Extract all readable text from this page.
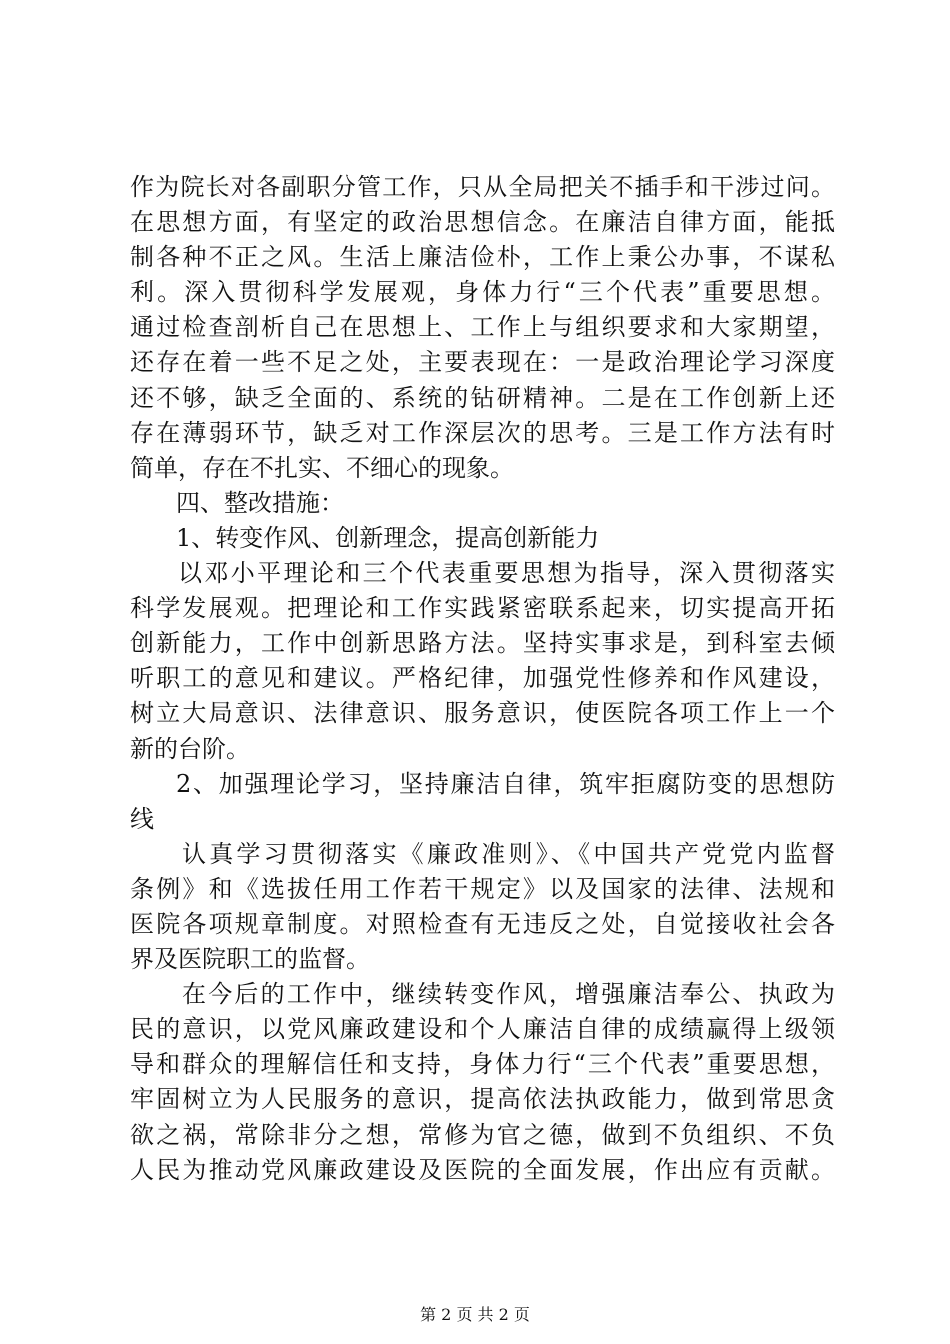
作为院长对各副职分管工作，只从全局把关不插手和干涉过问。
在思想方面，有坚定的政治思想信念。在廉洁自律方面，能抵
制各种不正之风。生活上廉洁俭朴，工作上秉公办事，不谋私
利。深入贯彻科学发展观，身体力行“三个代表”重要思想。
通过检查剖析自己在思想上、工作上与组织要求和大家期望，
还存在着一些不足之处，主要表现在：一是政治理论学习深度
还不够，缺乏全面的、系统的钻研精神。二是在工作创新上还
存在薄弱环节，缺乏对工作深层次的思考。三是工作方法有时
简单，存在不扎实、不细心的现象。
四、整改措施：
1、转变作风、创新理念，提高创新能力
以邓小平理论和三个代表重要思想为指导，深入贯彻落实
科学发展观。把理论和工作实践紧密联系起来，切实提高开拓
创新能力，工作中创新思路方法。坚持实事求是，到科室去倾
听职工的意见和建议。严格纪律，加强党性修养和作风建设，
树立大局意识、法律意识、服务意识，使医院各项工作上一个
新的台阶。
2、加强理论学习，坚持廉洁自律，筑牢拒腐防变的思想防
线
认真学习贯彻落实《廉政准则》、《中国共产党党内监督
条例》和《选拔任用工作若干规定》以及国家的法律、法规和
医院各项规章制度。对照检查有无违反之处，自觉接收社会各
界及医院职工的监督。
在今后的工作中，继续转变作风，增强廉洁奉公、执政为
民的意识，以党风廉政建设和个人廉洁自律的成绩赢得上级领
导和群众的理解信任和支持，身体力行“三个代表”重要思想，
牢固树立为人民服务的意识，提高依法执政能力，做到常思贪
欲之祸，常除非分之想，常修为官之德，做到不负组织、不负
人民为推动党风廉政建设及医院的全面发展，作出应有贡献。
第 2 页 共 2 页
